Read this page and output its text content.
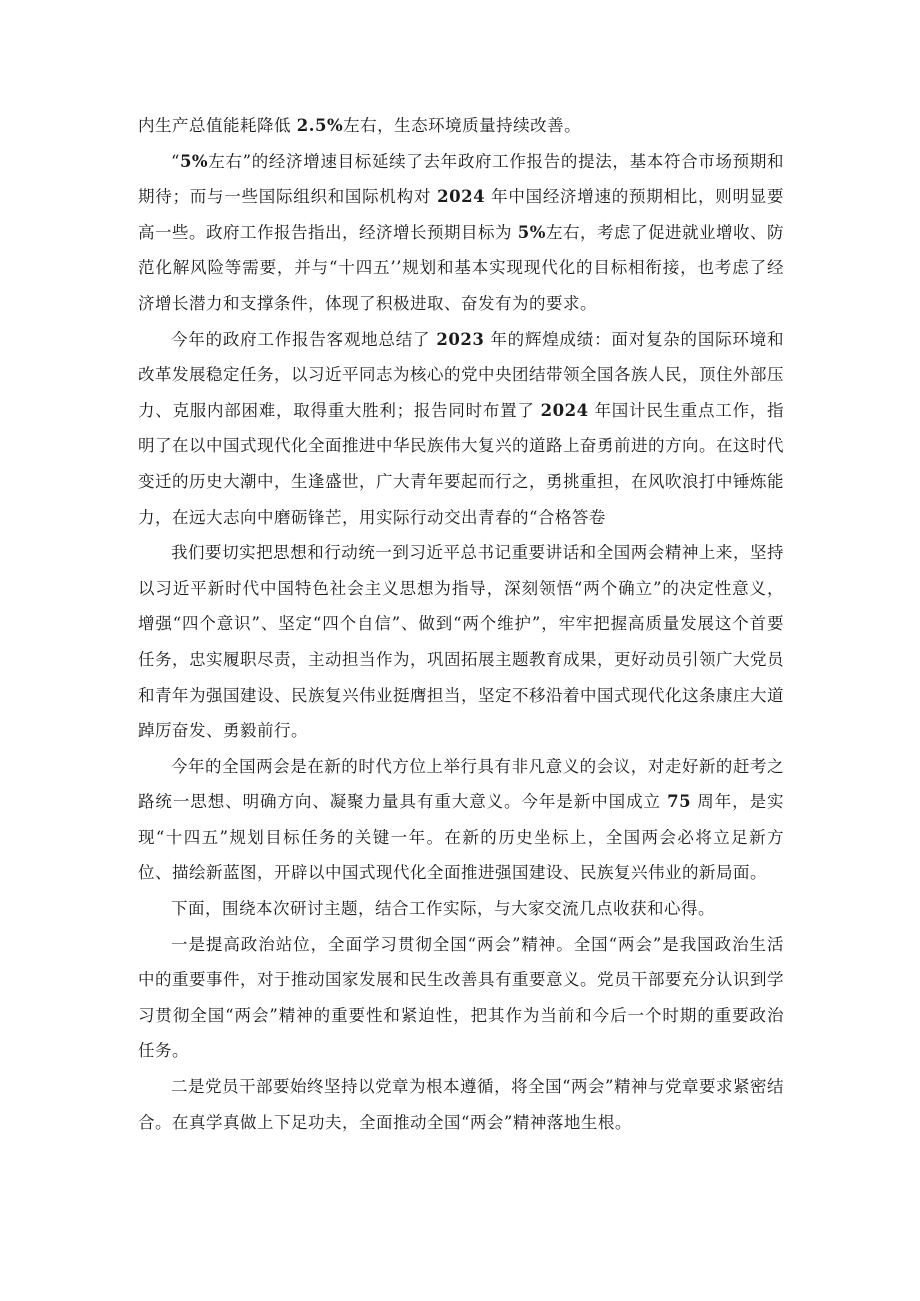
内生产总值能耗降低 2.5%左右，生态环境质量持续改善。

“5%左右”的经济增速目标延续了去年政府工作报告的提法，基本符合市场预期和期待；而与一些国际组织和国际机构对 2024 年中国经济增速的预期相比，则明显要高一些。政府工作报告指出，经济增长预期目标为 5%左右，考虑了促进就业增收、防范化解风险等需要，并与“十四五’’规划和基本实现现代化的目标相衔接，也考虑了经济增长潜力和支撑条件，体现了积极进取、奋发有为的要求。

今年的政府工作报告客观地总结了 2023 年的辉煌成绩：面对复杂的国际环境和改革发展稳定任务，以习近平同志为核心的党中央团结带领全国各族人民，顶住外部压力、克服内部困难，取得重大胜利；报告同时布置了 2024 年国计民生重点工作，指明了在以中国式现代化全面推进中华民族伟大复兴的道路上奋勇前进的方向。在这时代变迁的历史大潮中，生逢盛世，广大青年要起而行之，勇挑重担，在风吹浪打中锤炼能力，在远大志向中磨砺锋芒，用实际行动交出青春的“合格答卷

我们要切实把思想和行动统一到习近平总书记重要讲话和全国两会精神上来，坚持以习近平新时代中国特色社会主义思想为指导，深刻领悟“两个确立”的决定性意义，增强“四个意识”、坚定“四个自信”、做到“两个维护”，牢牢把握高质量发展这个首要任务，忠实履职尽责，主动担当作为，巩固拓展主题教育成果，更好动员引领广大党员和青年为强国建设、民族复兴伟业挺膺担当，坚定不移沿着中国式现代化这条康庄大道踔厉奋发、勇毅前行。

今年的全国两会是在新的时代方位上举行具有非凡意义的会议，对走好新的赶考之路统一思想、明确方向、凝聚力量具有重大意义。今年是新中国成立 75 周年，是实现“十四五”规划目标任务的关键一年。在新的历史坐标上，全国两会必将立足新方位、描绘新蓝图，开辟以中国式现代化全面推进强国建设、民族复兴伟业的新局面。

下面，围绕本次研讨主题，结合工作实际，与大家交流几点收获和心得。

一是提高政治站位，全面学习贯彻全国“两会”精神。全国“两会”是我国政治生活中的重要事件，对于推动国家发展和民生改善具有重要意义。党员干部要充分认识到学习贯彻全国“两会”精神的重要性和紧迫性，把其作为当前和今后一个时期的重要政治任务。

二是党员干部要始终坚持以党章为根本遵循，将全国“两会”精神与党章要求紧密结合。在真学真做上下足功夫，全面推动全国“两会”精神落地生根。
